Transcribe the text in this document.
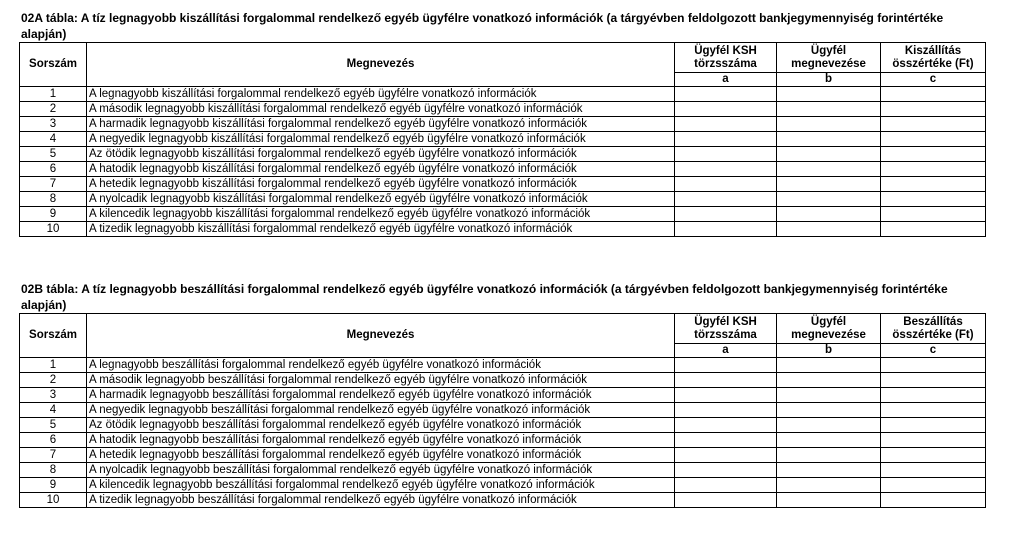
02A tábla: A tíz legnagyobb kiszállítási forgalommal rendelkező egyéb ügyfélre vonatkozó információk (a tárgyévben feldolgozott bankjegymennyiség forintértéke alapján)

Sorszám	Megnevezés	Ügyfél KSH törzsszáma	Ügyfél megnevezése	Kiszállítás összértéke (Ft)
		a	b	c
1	A legnagyobb kiszállítási forgalommal rendelkező egyéb ügyfélre vonatkozó információk			
2	A második legnagyobb kiszállítási forgalommal rendelkező egyéb ügyfélre vonatkozó információk			
3	A harmadik legnagyobb kiszállítási forgalommal rendelkező egyéb ügyfélre vonatkozó információk			
4	A negyedik legnagyobb kiszállítási forgalommal rendelkező egyéb ügyfélre vonatkozó információk			
5	Az ötödik legnagyobb kiszállítási forgalommal rendelkező egyéb ügyfélre vonatkozó információk			
6	A hatodik legnagyobb kiszállítási forgalommal rendelkező egyéb ügyfélre vonatkozó információk			
7	A hetedik legnagyobb kiszállítási forgalommal rendelkező egyéb ügyfélre vonatkozó információk			
8	A nyolcadik legnagyobb kiszállítási forgalommal rendelkező egyéb ügyfélre vonatkozó információk			
9	A kilencedik legnagyobb kiszállítási forgalommal rendelkező egyéb ügyfélre vonatkozó információk			
10	A tizedik legnagyobb kiszállítási forgalommal rendelkező egyéb ügyfélre vonatkozó információk			

02B tábla: A tíz legnagyobb beszállítási forgalommal rendelkező egyéb ügyfélre vonatkozó információk (a tárgyévben feldolgozott bankjegymennyiség forintértéke alapján)

Sorszám	Megnevezés	Ügyfél KSH törzsszáma	Ügyfél megnevezése	Beszállítás összértéke (Ft)
		a	b	c
1	A legnagyobb beszállítási forgalommal rendelkező egyéb ügyfélre vonatkozó információk			
2	A második legnagyobb beszállítási forgalommal rendelkező egyéb ügyfélre vonatkozó információk			
3	A harmadik legnagyobb beszállítási forgalommal rendelkező egyéb ügyfélre vonatkozó információk			
4	A negyedik legnagyobb beszállítási forgalommal rendelkező egyéb ügyfélre vonatkozó információk			
5	Az ötödik legnagyobb beszállítási forgalommal rendelkező egyéb ügyfélre vonatkozó információk			
6	A hatodik legnagyobb beszállítási forgalommal rendelkező egyéb ügyfélre vonatkozó információk			
7	A hetedik legnagyobb beszállítási forgalommal rendelkező egyéb ügyfélre vonatkozó információk			
8	A nyolcadik legnagyobb beszállítási forgalommal rendelkező egyéb ügyfélre vonatkozó információk			
9	A kilencedik legnagyobb beszállítási forgalommal rendelkező egyéb ügyfélre vonatkozó információk			
10	A tizedik legnagyobb beszállítási forgalommal rendelkező egyéb ügyfélre vonatkozó információk			
